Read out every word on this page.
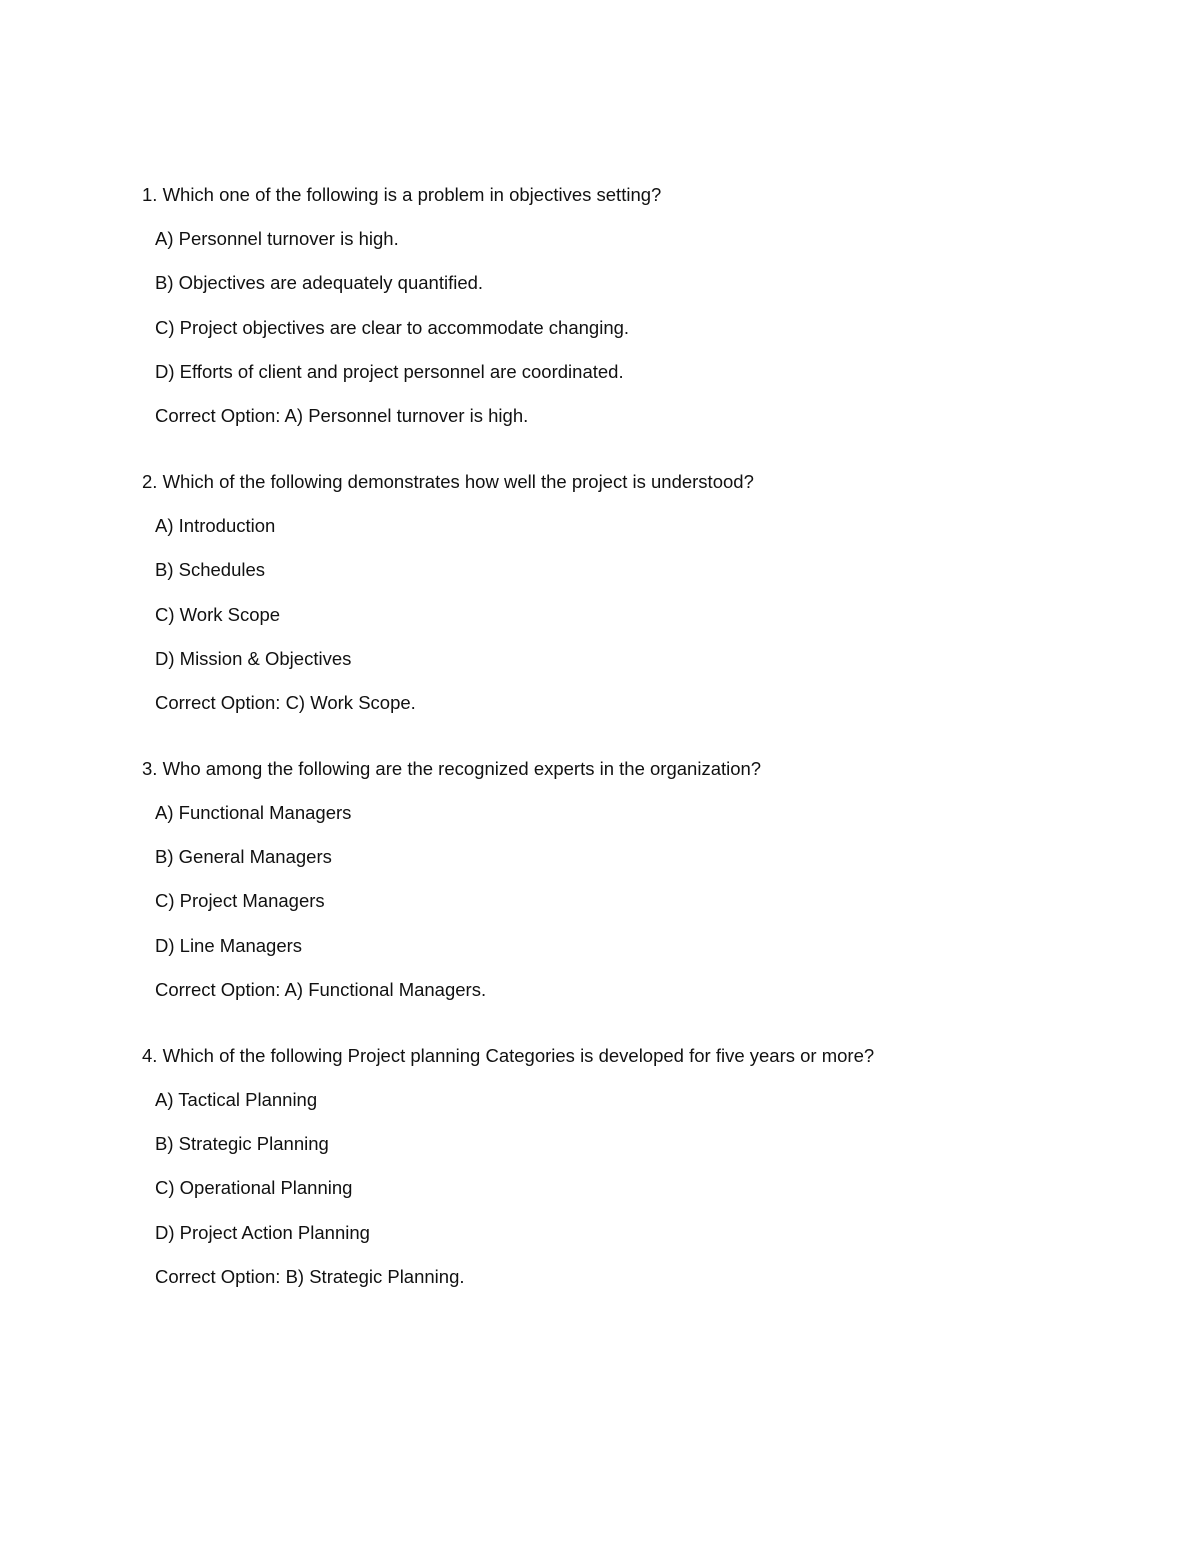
1. Which one of the following is a problem in objectives setting?
A) Personnel turnover is high.
B) Objectives are adequately quantified.
C) Project objectives are clear to accommodate changing.
D) Efforts of client and project personnel are coordinated.
Correct Option: A) Personnel turnover is high.
2. Which of the following demonstrates how well the project is understood?
A) Introduction
B) Schedules
C) Work Scope
D) Mission & Objectives
Correct Option: C) Work Scope.
3. Who among the following are the recognized experts in the organization?
A) Functional Managers
B) General Managers
C) Project Managers
D) Line Managers
Correct Option: A) Functional Managers.
4. Which of the following Project planning Categories is developed for five years or more?
A) Tactical Planning
B) Strategic Planning
C) Operational Planning
D) Project Action Planning
Correct Option: B) Strategic Planning.
